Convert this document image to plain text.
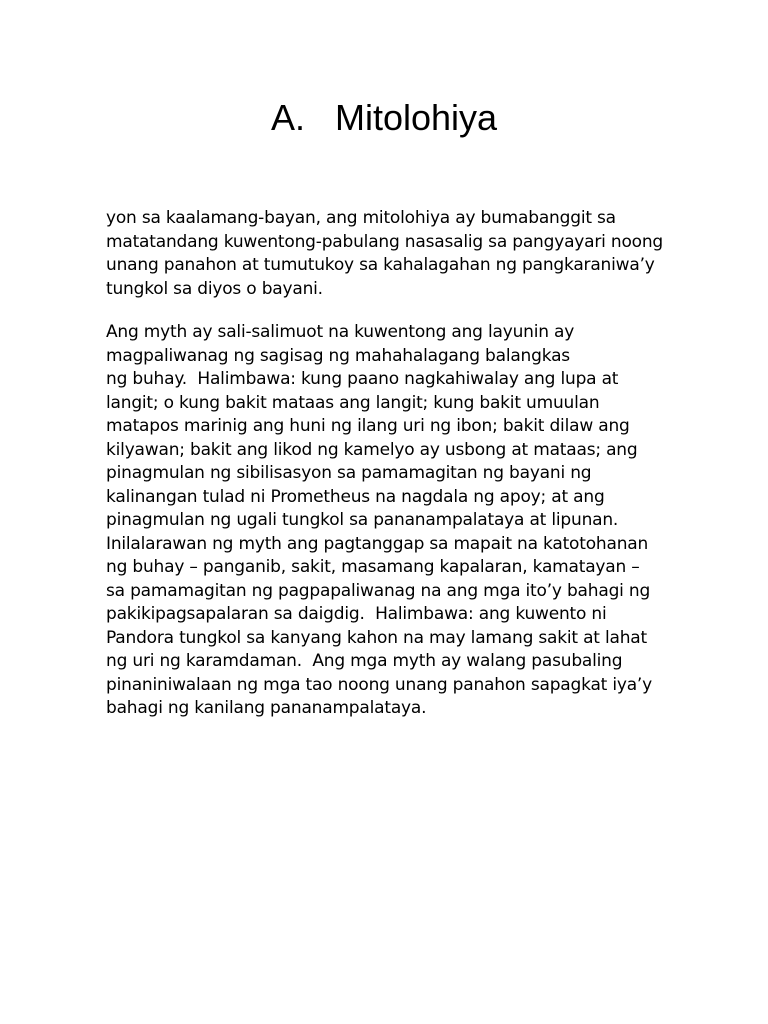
A. Mitolohiya

yon sa kaalamang-bayan, ang mitolohiya ay bumabanggit sa
matatandang kuwentong-pabulang nasasalig sa pangyayari noong
unang panahon at tumutukoy sa kahalagahan ng pangkaraniwa’y
tungkol sa diyos o bayani.

Ang myth ay sali-salimuot na kuwentong ang layunin ay
magpaliwanag ng sagisag ng mahahalagang balangkas
ng buhay.  Halimbawa: kung paano nagkahiwalay ang lupa at
langit; o kung bakit mataas ang langit; kung bakit umuulan
matapos marinig ang huni ng ilang uri ng ibon; bakit dilaw ang
kilyawan; bakit ang likod ng kamelyo ay usbong at mataas; ang
pinagmulan ng sibilisasyon sa pamamagitan ng bayani ng
kalinangan tulad ni Prometheus na nagdala ng apoy; at ang
pinagmulan ng ugali tungkol sa pananampalataya at lipunan.
Inilalarawan ng myth ang pagtanggap sa mapait na katotohanan
ng buhay – panganib, sakit, masamang kapalaran, kamatayan –
sa pamamagitan ng pagpapaliwanag na ang mga ito’y bahagi ng
pakikipagsapalaran sa daigdig.  Halimbawa: ang kuwento ni
Pandora tungkol sa kanyang kahon na may lamang sakit at lahat
ng uri ng karamdaman.  Ang mga myth ay walang pasubaling
pinaniniwalaan ng mga tao noong unang panahon sapagkat iya’y
bahagi ng kanilang pananampalataya.
